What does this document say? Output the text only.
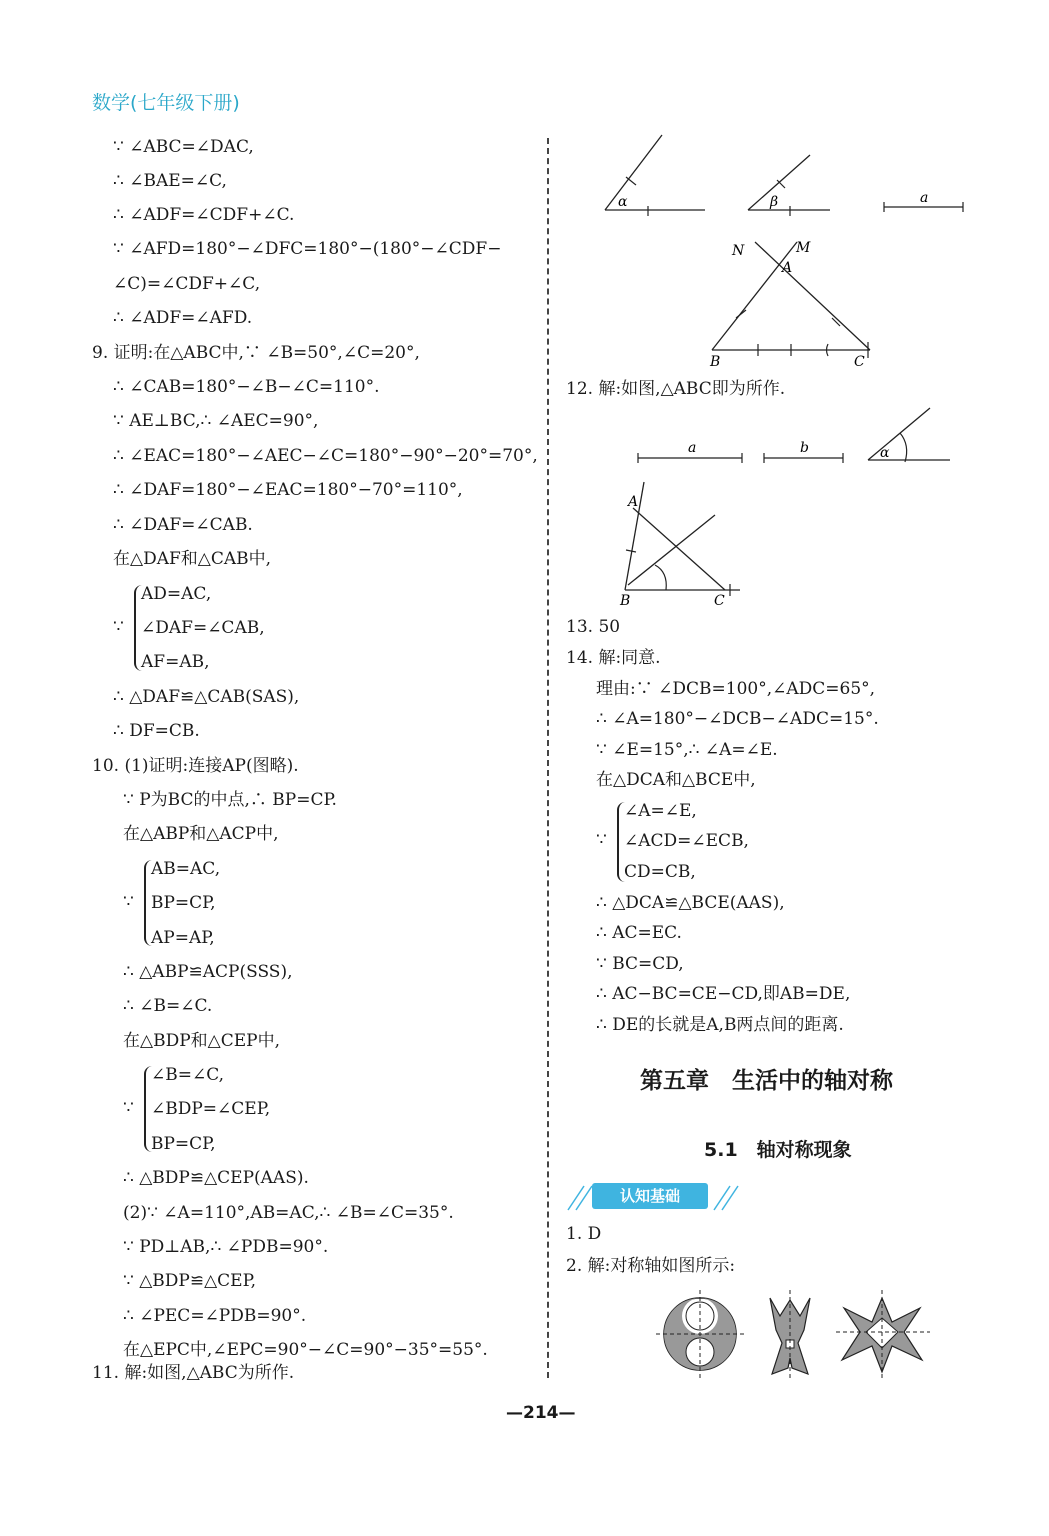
数学(七年级下册)
∵ ∠ABC=∠DAC,
∴ ∠BAE=∠C,
∴ ∠ADF=∠CDF+∠C.
∵ ∠AFD=180°−∠DFC=180°−(180°−∠CDF−
∠C)=∠CDF+∠C,
∴ ∠ADF=∠AFD.
9. 证明:在△ABC中,∵ ∠B=50°,∠C=20°,
∴ ∠CAB=180°−∠B−∠C=110°.
∵ AE⊥BC,∴ ∠AEC=90°,
∴ ∠EAC=180°−∠AEC−∠C=180°−90°−20°=70°,
∴ ∠DAF=180°−∠EAC=180°−70°=110°,
∴ ∠DAF=∠CAB.
在△DAF和△CAB中,
AD=AC,
∠DAF=∠CAB,
AF=AB,
∴ △DAF≌△CAB(SAS),
∴ DF=CB.
10. (1)证明:连接AP(图略).
∵ P为BC的中点,∴ BP=CP.
在△ABP和△ACP中,
AB=AC,
BP=CP,
AP=AP,
∴ △ABP≌ACP(SSS),
∴ ∠B=∠C.
在△BDP和△CEP中,
∠B=∠C,
∠BDP=∠CEP,
BP=CP,
∴ △BDP≌△CEP(AAS).
(2)∵ ∠A=110°,AB=AC,∴ ∠B=∠C=35°.
∵ PD⊥AB,∴ ∠PDB=90°.
∵ △BDP≌△CEP,
∴ ∠PEC=∠PDB=90°.
在△EPC中,∠EPC=90°−∠C=90°−35°=55°.
11. 解:如图,△ABC为所作.
∵
∵
∵
12. 解:如图,△ABC即为所作.
13. 50
14. 解:同意.
理由:∵ ∠DCB=100°,∠ADC=65°,
∴ ∠A=180°−∠DCB−∠ADC=15°.
∵ ∠E=15°,∴ ∠A=∠E.
在△DCA和△BCE中,
∠A=∠E,
∠ACD=∠ECB,
CD=CB,
∴ △DCA≌△BCE(AAS),
∴ AC=EC.
∵ BC=CD,
∴ AC−BC=CE−CD,即AB=DE,
∴ DE的长就是A,B两点间的距离.
1. D
2. 解:对称轴如图所示:
∵
α	β	a
N	M
A
B	C
a	b	α
A
B	C
第五章　生活中的轴对称
5.1　轴对称现象
认知基础
—214—
